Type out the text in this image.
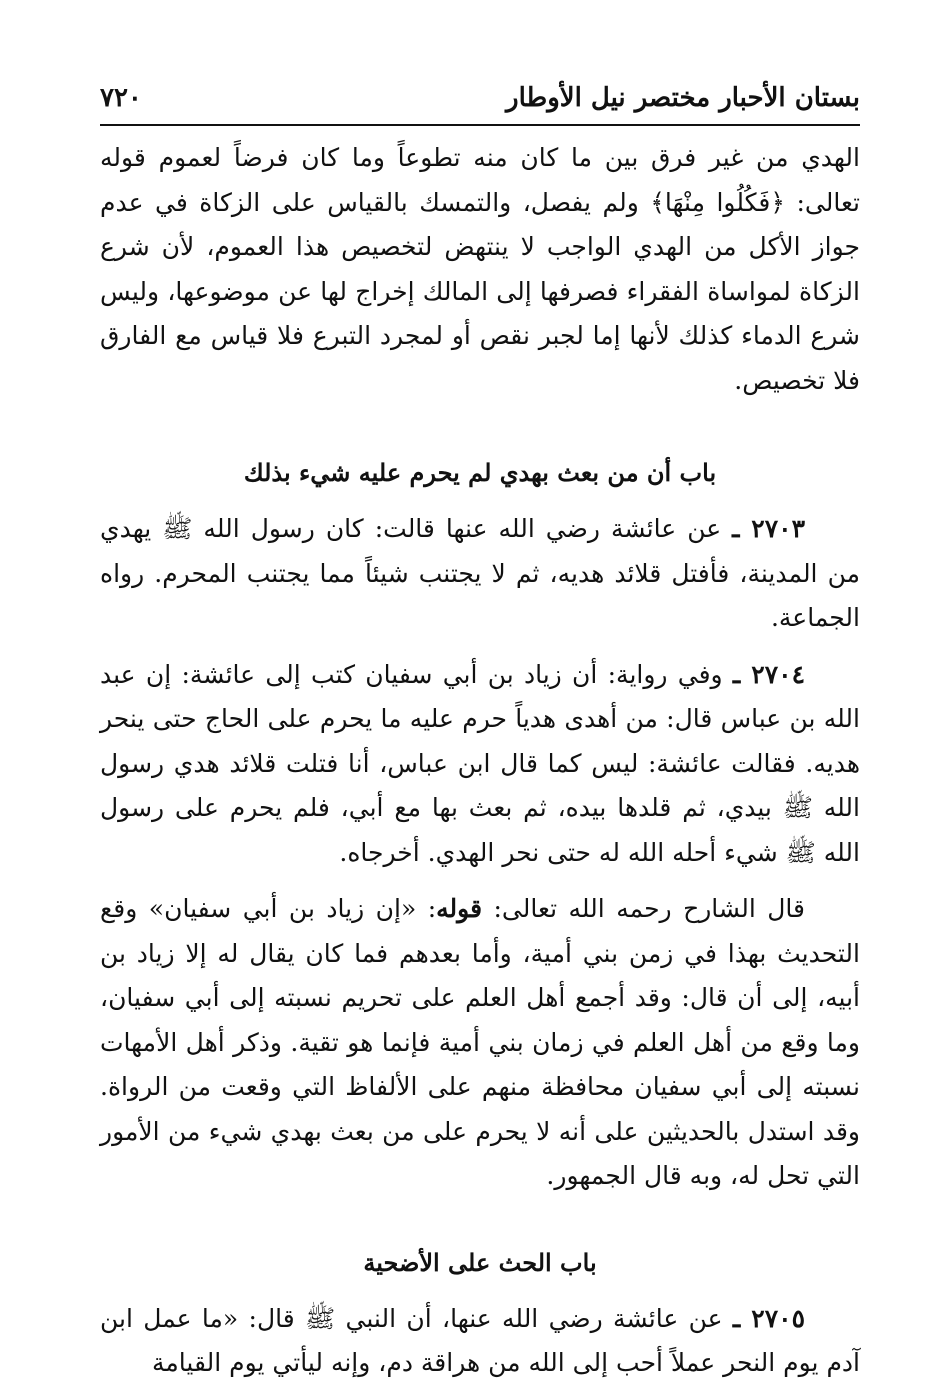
بستان الأحبار مختصر نيل الأوطار
٧٢٠

الهدي من غير فرق بين ما كان منه تطوعاً وما كان فرضاً لعموم قوله تعالى: ﴿فَكُلُوا مِنْهَا﴾ ولم يفصل، والتمسك بالقياس على الزكاة في عدم جواز الأكل من الهدي الواجب لا ينتهض لتخصيص هذا العموم، لأن شرع الزكاة لمواساة الفقراء فصرفها إلى المالك إخراج لها عن موضوعها، وليس شرع الدماء كذلك لأنها إما لجبر نقص أو لمجرد التبرع فلا قياس مع الفارق فلا تخصيص.

باب أن من بعث بهدي لم يحرم عليه شيء بذلك

٢٧٠٣ ـ عن عائشة رضي الله عنها قالت: كان رسول الله ﷺ يهدي من المدينة، فأفتل قلائد هديه، ثم لا يجتنب شيئاً مما يجتنب المحرم. رواه الجماعة.

٢٧٠٤ ـ وفي رواية: أن زياد بن أبي سفيان كتب إلى عائشة: إن عبد الله بن عباس قال: من أهدى هدياً حرم عليه ما يحرم على الحاج حتى ينحر هديه. فقالت عائشة: ليس كما قال ابن عباس، أنا فتلت قلائد هدي رسول الله ﷺ بيدي، ثم قلدها بيده، ثم بعث بها مع أبي، فلم يحرم على رسول الله ﷺ شيء أحله الله له حتى نحر الهدي. أخرجاه.

قال الشارح رحمه الله تعالى: قوله: «إن زياد بن أبي سفيان» وقع التحديث بهذا في زمن بني أمية، وأما بعدهم فما كان يقال له إلا زياد بن أبيه، إلى أن قال: وقد أجمع أهل العلم على تحريم نسبته إلى أبي سفيان، وما وقع من أهل العلم في زمان بني أمية فإنما هو تقية. وذكر أهل الأمهات نسبته إلى أبي سفيان محافظة منهم على الألفاظ التي وقعت من الرواة. وقد استدل بالحديثين على أنه لا يحرم على من بعث بهدي شيء من الأمور التي تحل له، وبه قال الجمهور.

باب الحث على الأضحية

٢٧٠٥ ـ عن عائشة رضي الله عنها، أن النبي ﷺ قال: «ما عمل ابن آدم يوم النحر عملاً أحب إلى الله من هراقة دم، وإنه ليأتي يوم القيامة
